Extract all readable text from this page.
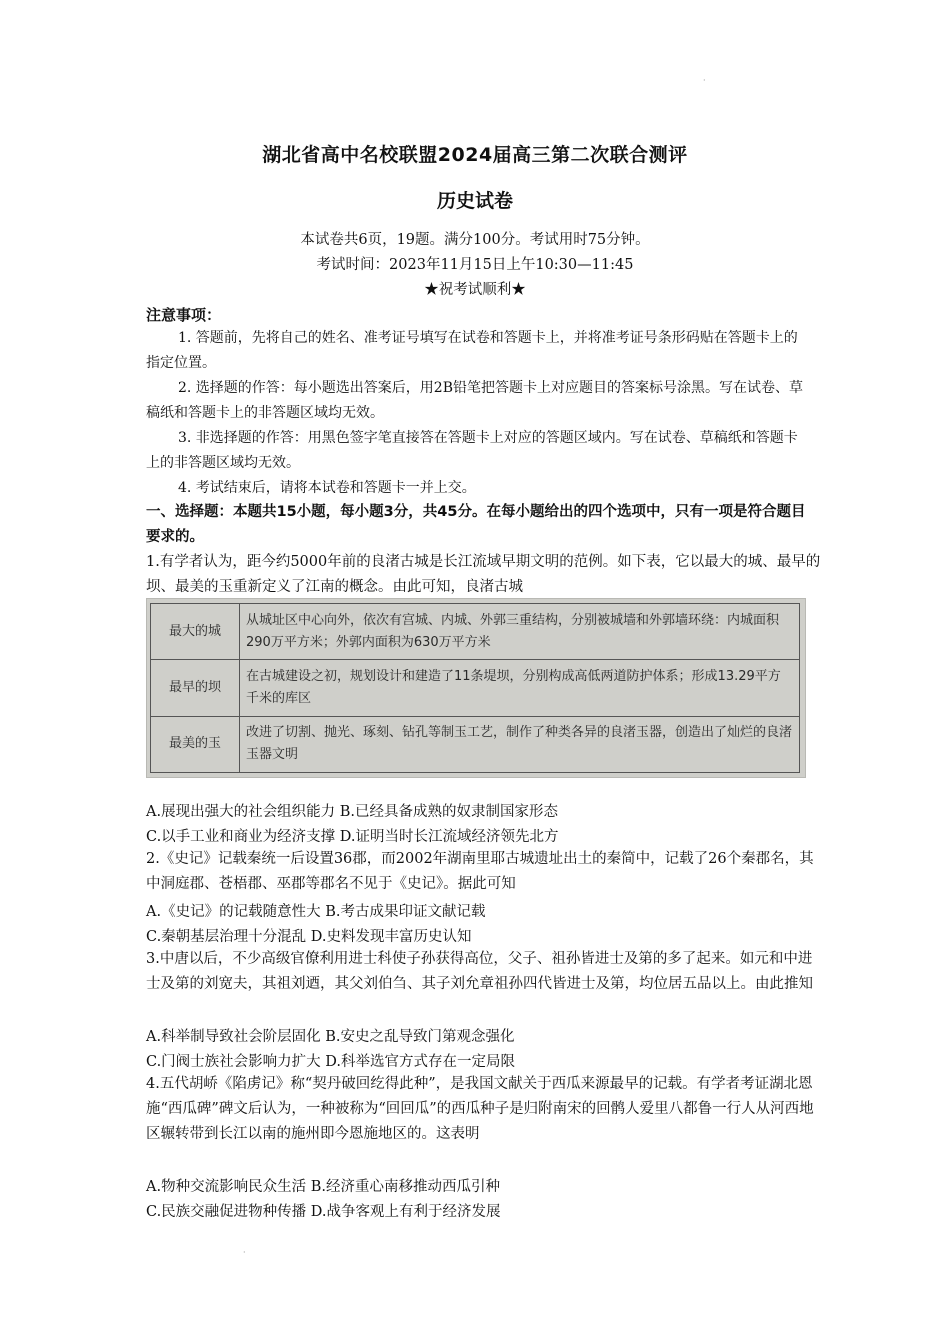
·
湖北省高中名校联盟2024届高三第二次联合测评
历史试卷
本试卷共6页，19题。满分100分。考试用时75分钟。
考试时间：2023年11月15日上午10:30—11:45
★祝考试顺利★
注意事项：
1. 答题前，先将自己的姓名、准考证号填写在试卷和答题卡上，并将准考证号条形码贴在答题卡上的指定位置。
2. 选择题的作答：每小题选出答案后，用2B铅笔把答题卡上对应题目的答案标号涂黑。写在试卷、草稿纸和答题卡上的非答题区域均无效。
3. 非选择题的作答：用黑色签字笔直接答在答题卡上对应的答题区域内。写在试卷、草稿纸和答题卡上的非答题区域均无效。
4. 考试结束后，请将本试卷和答题卡一并上交。
一、选择题：本题共15小题，每小题3分，共45分。在每小题给出的四个选项中，只有一项是符合题目要求的。
1.有学者认为，距今约5000年前的良渚古城是长江流域早期文明的范例。如下表，它以最大的城、最早的坝、最美的玉重新定义了江南的概念。由此可知，良渚古城
最大的城	从城址区中心向外，依次有宫城、内城、外郭三重结构，分别被城墙和外郭墙环绕：内城面积290万平方米；外郭内面积为630万平方米
最早的坝	在古城建设之初，规划设计和建造了11条堤坝，分别构成高低两道防护体系；形成13.29平方千米的库区
最美的玉	改进了切割、抛光、琢刻、钻孔等制玉工艺，制作了种类各异的良渚玉器，创造出了灿烂的良渚玉器文明
A.展现出强大的社会组织能力 B.已经具备成熟的奴隶制国家形态
C.以手工业和商业为经济支撑 D.证明当时长江流域经济领先北方
2.《史记》记载秦统一后设置36郡，而2002年湖南里耶古城遗址出土的秦简中，记载了26个秦郡名，其中洞庭郡、苍梧郡、巫郡等郡名不见于《史记》。据此可知
A.《史记》的记载随意性大 B.考古成果印证文献记载
C.秦朝基层治理十分混乱 D.史料发现丰富历史认知
3.中唐以后，不少高级官僚利用进士科使子孙获得高位，父子、祖孙皆进士及第的多了起来。如元和中进士及第的刘宽夫，其祖刘迺，其父刘伯刍、其子刘允章祖孙四代皆进士及第，均位居五品以上。由此推知
A.科举制导致社会阶层固化 B.安史之乱导致门第观念强化
C.门阀士族社会影响力扩大 D.科举选官方式存在一定局限
4.五代胡峤《陷虏记》称“契丹破回纥得此种”，是我国文献关于西瓜来源最早的记载。有学者考证湖北恩施“西瓜碑”碑文后认为，一种被称为“回回瓜”的西瓜种子是归附南宋的回鹘人爱里八都鲁一行人从河西地区辗转带到长江以南的施州即今恩施地区的。这表明
A.物种交流影响民众生活 B.经济重心南移推动西瓜引种
C.民族交融促进物种传播 D.战争客观上有利于经济发展
·
